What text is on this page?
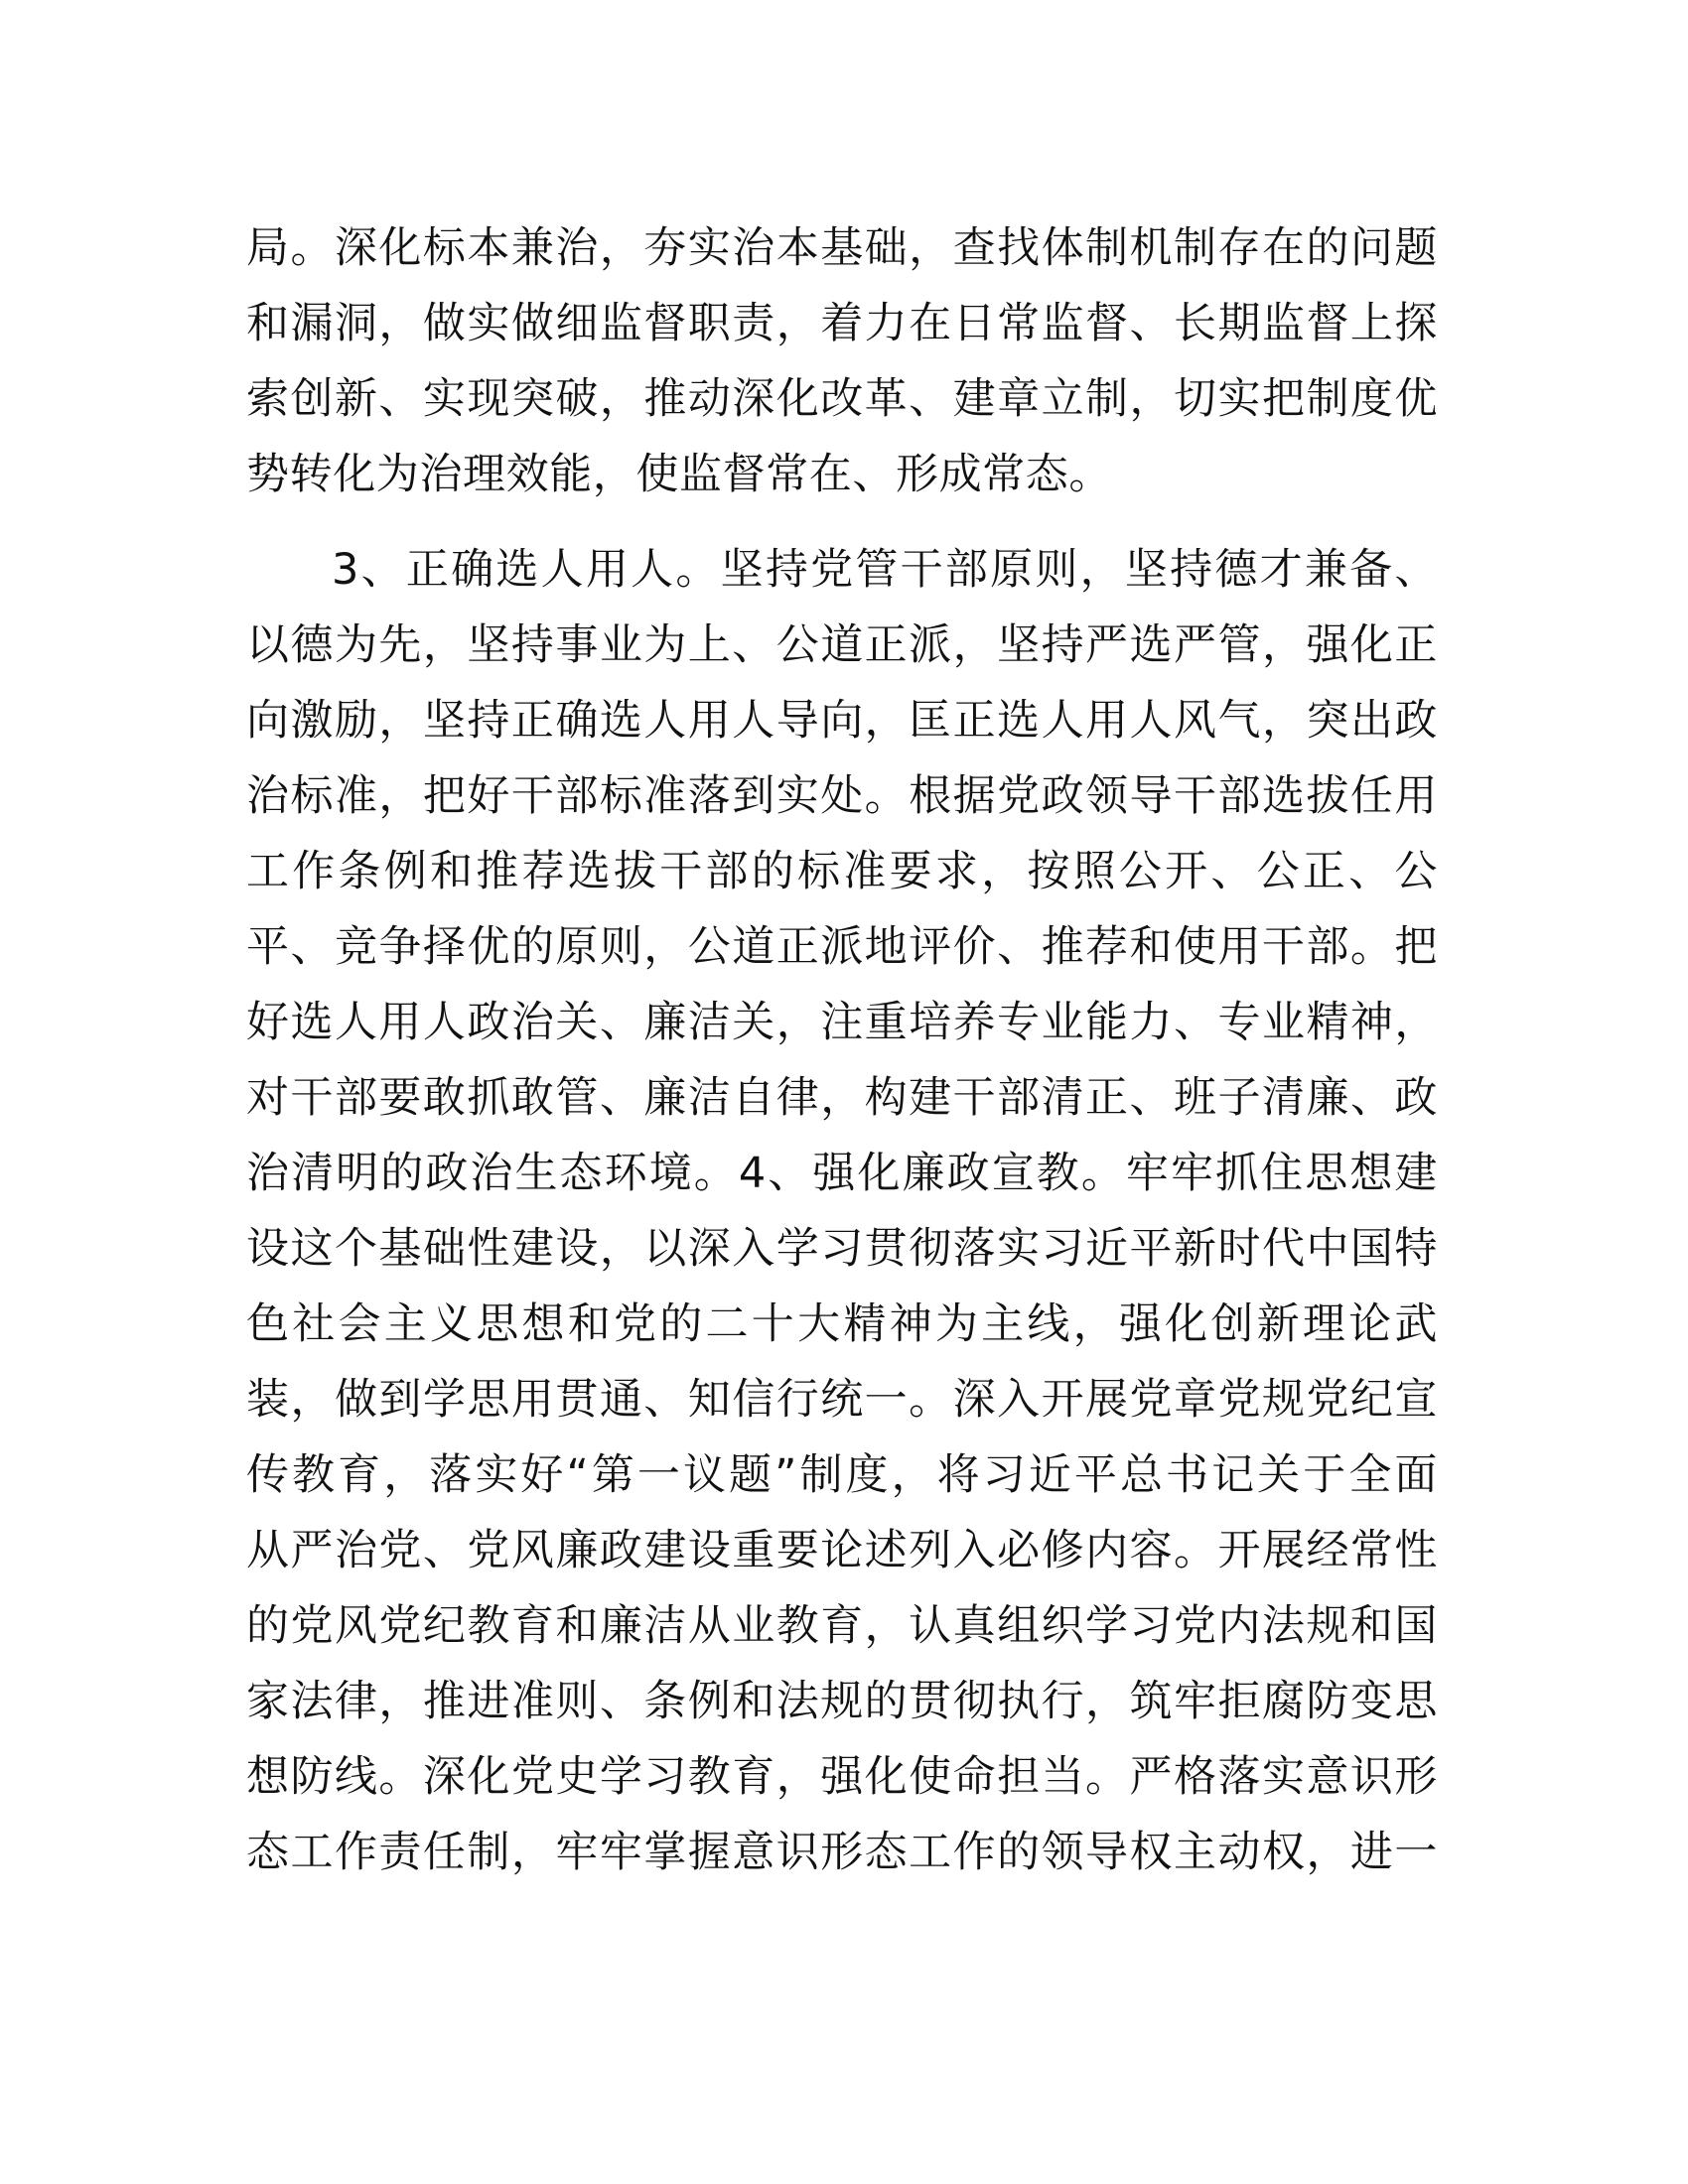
局。深化标本兼治，夯实治本基础，查找体制机制存在的问题
和漏洞，做实做细监督职责，着力在日常监督、长期监督上探
索创新、实现突破，推动深化改革、建章立制，切实把制度优
势转化为治理效能，使监督常在、形成常态。
3、正确选人用人。坚持党管干部原则，坚持德才兼备、
以德为先，坚持事业为上、公道正派，坚持严选严管，强化正
向激励，坚持正确选人用人导向，匡正选人用人风气，突出政
治标准，把好干部标准落到实处。根据党政领导干部选拔任用
工作条例和推荐选拔干部的标准要求，按照公开、公正、公
平、竞争择优的原则，公道正派地评价、推荐和使用干部。把
好选人用人政治关、廉洁关，注重培养专业能力、专业精神，
对干部要敢抓敢管、廉洁自律，构建干部清正、班子清廉、政
治清明的政治生态环境。4、强化廉政宣教。牢牢抓住思想建
设这个基础性建设，以深入学习贯彻落实习近平新时代中国特
色社会主义思想和党的二十大精神为主线，强化创新理论武
装，做到学思用贯通、知信行统一。深入开展党章党规党纪宣
传教育，落实好“第一议题”制度，将习近平总书记关于全面
从严治党、党风廉政建设重要论述列入必修内容。开展经常性
的党风党纪教育和廉洁从业教育，认真组织学习党内法规和国
家法律，推进准则、条例和法规的贯彻执行，筑牢拒腐防变思
想防线。深化党史学习教育，强化使命担当。严格落实意识形
态工作责任制，牢牢掌握意识形态工作的领导权主动权，进一
